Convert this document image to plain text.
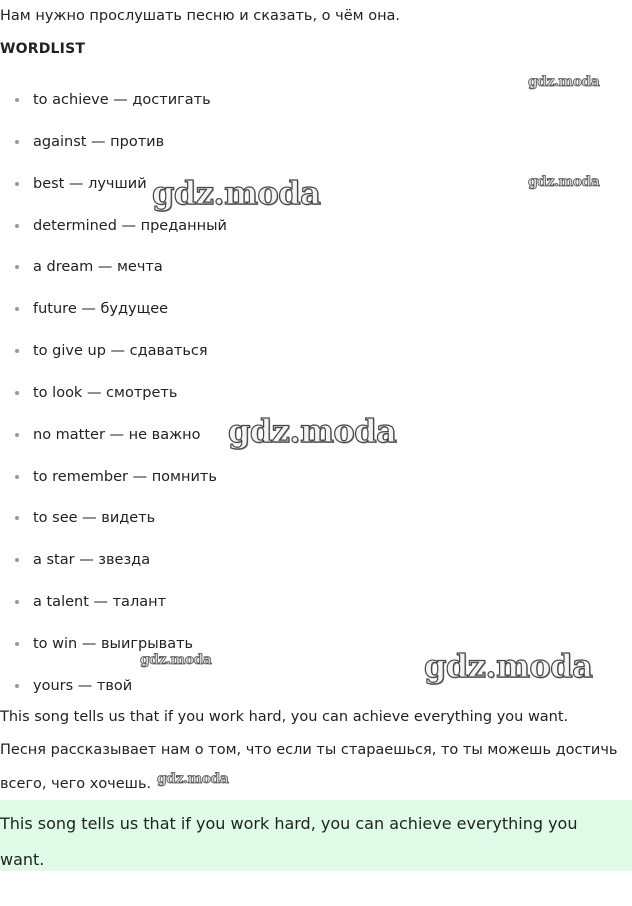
Нам нужно прослушать песню и сказать, о чём она.
WORDLIST
to achieve — достигать
against — против
best — лучший
determined — преданный
a dream — мечта
future — будущее
to give up — сдаваться
to look — смотреть
no matter — не важно
to remember — помнить
to see — видеть
a star — звезда
a talent — талант
to win — выигрывать
yours — твой
This song tells us that if you work hard, you can achieve everything you want.
Песня рассказывает нам о том, что если ты стараешься, то ты можешь достичь
всего, чего хочешь.
This song tells us that if you work hard, you can achieve everything you want.
gdz.moda
gdz.moda
gdz.moda
gdz.moda
gdz.moda	gdz.moda
gdz.moda
